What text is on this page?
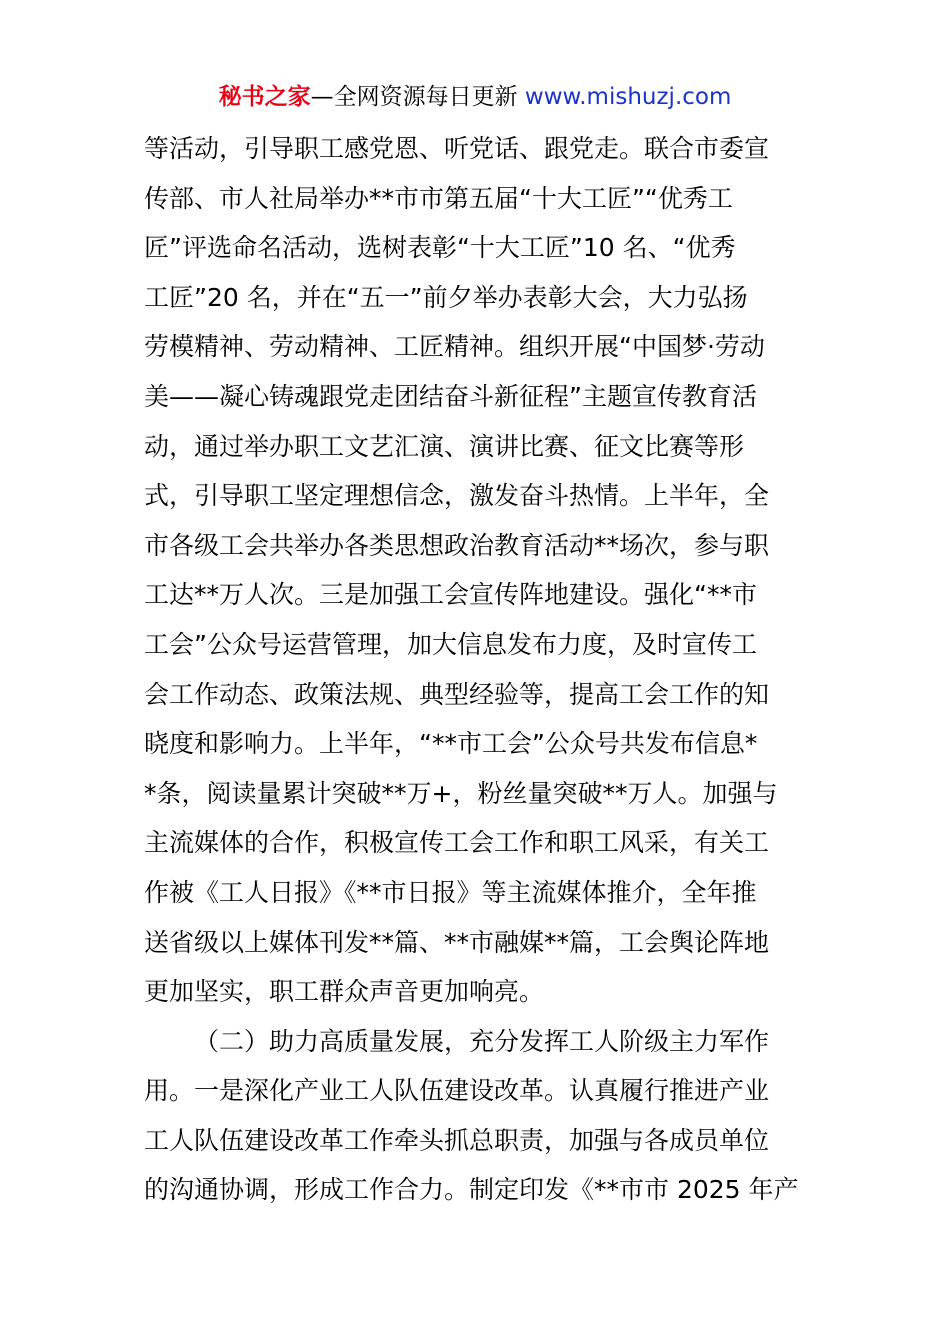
秘书之家—全网资源每日更新 www.mishuzj.com
等活动，引导职工感党恩、听党话、跟党走。联合市委宣
传部、市人社局举办**市市第五届“十大工匠”“优秀工
匠”评选命名活动，选树表彰“十大工匠”10 名、“优秀
工匠”20 名，并在“五一”前夕举办表彰大会，大力弘扬
劳模精神、劳动精神、工匠精神。组织开展“中国梦·劳动
美——凝心铸魂跟党走团结奋斗新征程”主题宣传教育活
动，通过举办职工文艺汇演、演讲比赛、征文比赛等形
式，引导职工坚定理想信念，激发奋斗热情。上半年，全
市各级工会共举办各类思想政治教育活动**场次，参与职
工达**万人次。三是加强工会宣传阵地建设。强化“**市
工会”公众号运营管理，加大信息发布力度，及时宣传工
会工作动态、政策法规、典型经验等，提高工会工作的知
晓度和影响力。上半年，“**市工会”公众号共发布信息*
*条，阅读量累计突破**万+，粉丝量突破**万人。加强与
主流媒体的合作，积极宣传工会工作和职工风采，有关工
作被《工人日报》《**市日报》等主流媒体推介，全年推
送省级以上媒体刊发**篇、**市融媒**篇，工会舆论阵地
更加坚实，职工群众声音更加响亮。
（二）助力高质量发展，充分发挥工人阶级主力军作
用。一是深化产业工人队伍建设改革。认真履行推进产业
工人队伍建设改革工作牵头抓总职责，加强与各成员单位
的沟通协调，形成工作合力。制定印发《**市市 2025 年产
